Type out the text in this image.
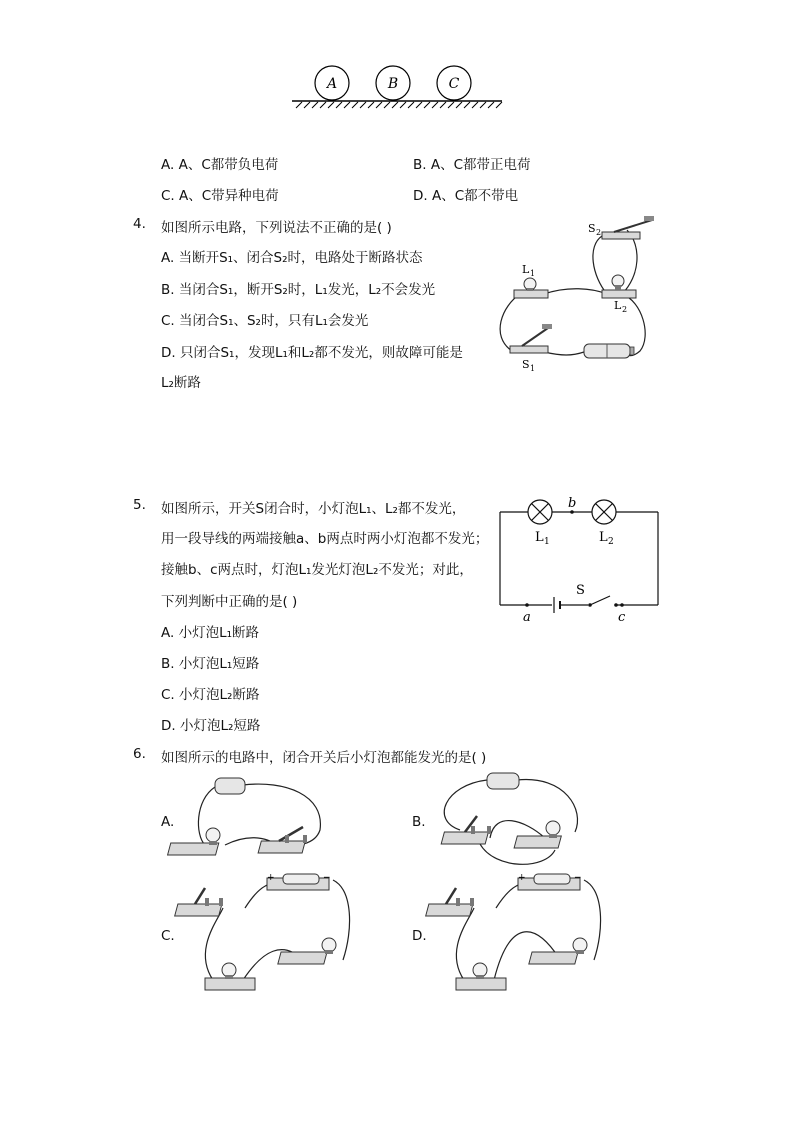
A	B	C
A. A、C都带负电荷	B. A、C都带正电荷
C. A、C带异种电荷	D. A、C都不带电
4. 如图所示电路，下列说法不正确的是( )
A. 当断开S₁、闭合S₂时，电路处于断路状态
B. 当闭合S₁，断开S₂时，L₁发光，L₂不会发光
C. 当闭合S₁、S₂时，只有L₁会发光
D. 只闭合S₁，发现L₁和L₂都不发光，则故障可能是
L₂断路
L 1
L 2
S 2
S 1
5. 如图所示，开关S闭合时，小灯泡L₁、L₂都不发光，
用一段导线的两端接触a、b两点时两小灯泡都不发光；
接触b、c两点时，灯泡L₁发光灯泡L₂不发光；对此，
下列判断中正确的是( )
A. 小灯泡L₁断路
B. 小灯泡L₁短路
C. 小灯泡L₂断路
D. 小灯泡L₂短路
L 1	L 2
b
S
a	c
6. 如图所示的电路中，闭合开关后小灯泡都能发光的是( )
A.	B.
C.	D.
+	−	+	−
